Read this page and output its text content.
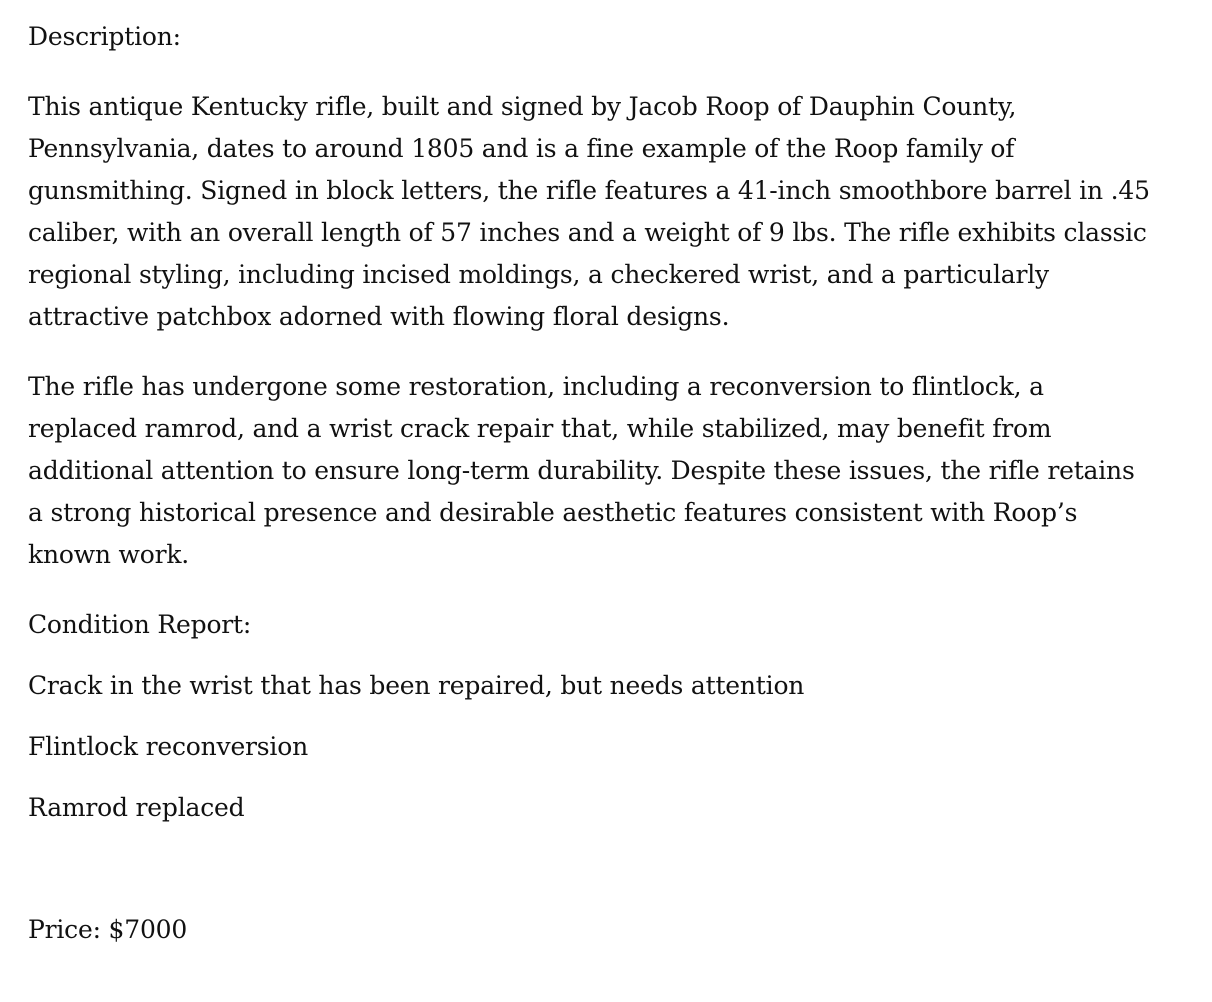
Description:

This antique Kentucky rifle, built and signed by Jacob Roop of Dauphin County, Pennsylvania, dates to around 1805 and is a fine example of the Roop family of gunsmithing. Signed in block letters, the rifle features a 41-inch smoothbore barrel in .45 caliber, with an overall length of 57 inches and a weight of 9 lbs. The rifle exhibits classic regional styling, including incised moldings, a checkered wrist, and a particularly attractive patchbox adorned with flowing floral designs.

The rifle has undergone some restoration, including a reconversion to flintlock, a replaced ramrod, and a wrist crack repair that, while stabilized, may benefit from additional attention to ensure long-term durability. Despite these issues, the rifle retains a strong historical presence and desirable aesthetic features consistent with Roop’s known work.

Condition Report:

Crack in the wrist that has been repaired, but needs attention

Flintlock reconversion

Ramrod replaced

Price: $7000
